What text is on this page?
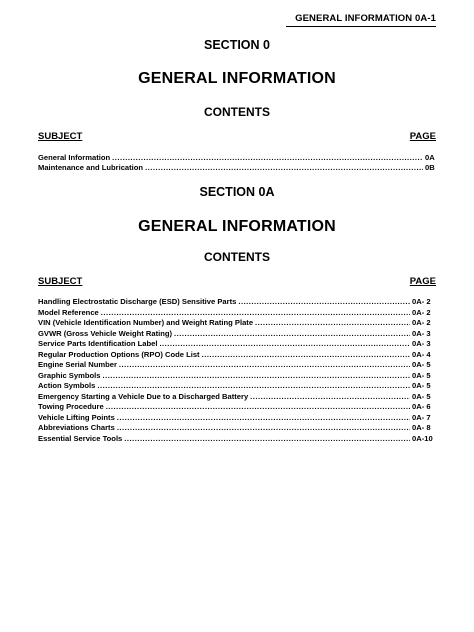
GENERAL INFORMATION 0A-1
SECTION 0
GENERAL INFORMATION
CONTENTS
SUBJECT	PAGE
General Information .....	0A
Maintenance and Lubrication .....	0B
SECTION 0A
GENERAL INFORMATION
CONTENTS
SUBJECT	PAGE
Handling Electrostatic Discharge (ESD) Sensitive Parts .....	0A- 2
Model Reference .....	0A- 2
VIN (Vehicle Identification Number) and Weight Rating Plate .....	0A- 2
GVWR (Gross Vehicle Weight Rating) .....	0A- 3
Service Parts Identification Label .....	0A- 3
Regular Production Options (RPO) Code List .....	0A- 4
Engine Serial Number .....	0A- 5
Graphic Symbols .....	0A- 5
Action Symbols .....	0A- 5
Emergency Starting a Vehicle Due to a Discharged Battery .....	0A- 5
Towing Procedure .....	0A- 6
Vehicle Lifting Points .....	0A- 7
Abbreviations Charts .....	0A- 8
Essential Service Tools .....	0A-10
